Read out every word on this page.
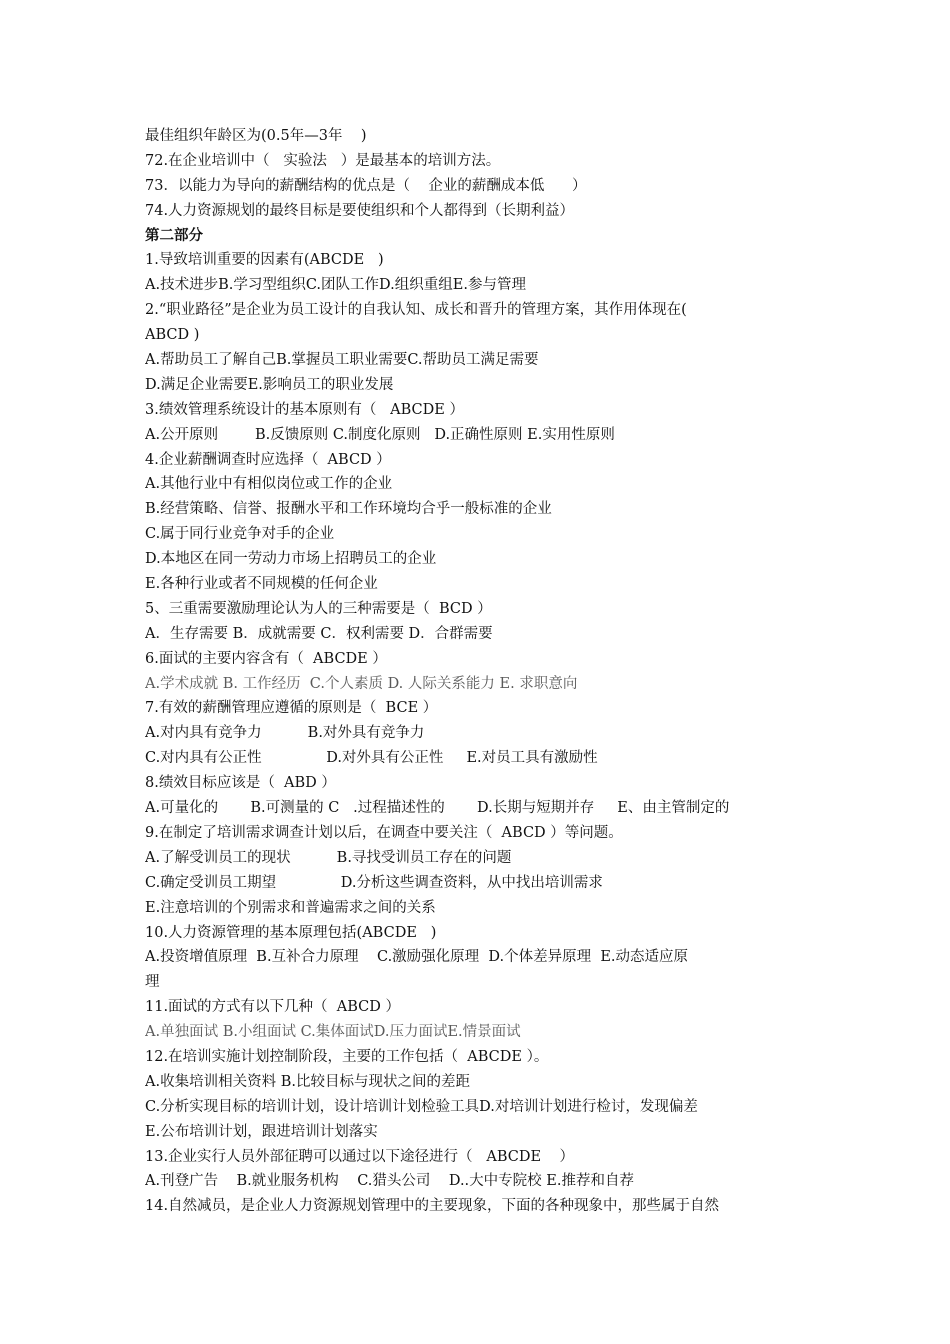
最佳组织年龄区为(0.5年—3年    )
72.在企业培训中（   实验法   ）是最基本的培训方法。
73．以能力为导向的薪酬结构的优点是（    企业的薪酬成本低      ）
74.人力资源规划的最终目标是要使组织和个人都得到（长期利益）
第二部分
1.导致培训重要的因素有(ABCDE   )
A.技术进步B.学习型组织C.团队工作D.组织重组E.参与管理
2.“职业路径”是企业为员工设计的自我认知、成长和晋升的管理方案，其作用体现在(
ABCD )
A.帮助员工了解自己B.掌握员工职业需要C.帮助员工满足需要
D.满足企业需要E.影响员工的职业发展
3.绩效管理系统设计的基本原则有（   ABCDE ）
A.公开原则        B.反馈原则 C.制度化原则   D.正确性原则 E.实用性原则
4.企业薪酬调查时应选择（  ABCD ）
A.其他行业中有相似岗位或工作的企业
B.经营策略、信誉、报酬水平和工作环境均合乎一般标准的企业
C.属于同行业竞争对手的企业
D.本地区在同一劳动力市场上招聘员工的企业
E.各种行业或者不同规模的任何企业
5、三重需要激励理论认为人的三种需要是（  BCD ）
A．生存需要 B．成就需要 C．权利需要 D．合群需要
6.面试的主要内容含有（  ABCDE ）
A.学术成就 B. 工作经历  C.个人素质 D. 人际关系能力 E. 求职意向
7.有效的薪酬管理应遵循的原则是（  BCE ）
A.对内具有竞争力          B.对外具有竞争力
C.对内具有公正性              D.对外具有公正性     E.对员工具有激励性
8.绩效目标应该是（  ABD ）
A.可量化的       B.可测量的 C   .过程描述性的       D.长期与短期并存     E、由主管制定的
9.在制定了培训需求调查计划以后，在调查中要关注（  ABCD ）等问题。
A.了解受训员工的现状          B.寻找受训员工存在的问题
C.确定受训员工期望              D.分析这些调查资料，从中找出培训需求
E.注意培训的个别需求和普遍需求之间的关系
10.人力资源管理的基本原理包括(ABCDE   )
A.投资增值原理  B.互补合力原理    C.激励强化原理  D.个体差异原理  E.动态适应原
理
11.面试的方式有以下几种（  ABCD ）
A.单独面试 B.小组面试 C.集体面试D.压力面试E.情景面试
12.在培训实施计划控制阶段，主要的工作包括（  ABCDE ）。
A.收集培训相关资料 B.比较目标与现状之间的差距
C.分析实现目标的培训计划，设计培训计划检验工具D.对培训计划进行检讨，发现偏差
E.公布培训计划，跟进培训计划落实
13.企业实行人员外部征聘可以通过以下途径进行（   ABCDE    ）
A.刊登广告    B.就业服务机构    C.猎头公司    D..大中专院校 E.推荐和自荐
14.自然减员，是企业人力资源规划管理中的主要现象，下面的各种现象中，那些属于自然
